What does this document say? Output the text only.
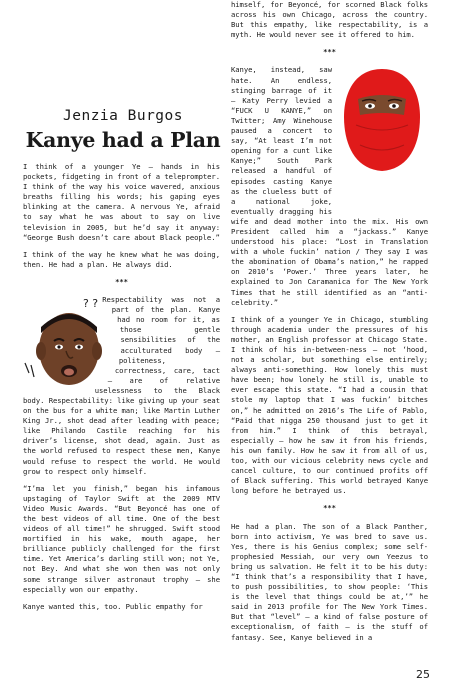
Jenzia Burgos
Kanye had a Plan

I think of a younger Ye – hands in his pockets, fidgeting in front of a teleprompter. I think of the way his voice wavered, anxious breaths filling his words; his gaping eyes blinking at the camera. A nervous Ye, afraid to say what he was about to say on live television in 2005, but he’d say it anyway: “George Bush doesn’t care about Black people.”

I think of the way he knew what he was doing, then. He had a plan. He always did.

***
? ? Respectability was not a part of the plan. Kanye had no room for it, as those gentle sensibilities of the acculturated body – politeness, correctness, care, tact – are of relative uselessness to the Black body. Respectability: like giving up your seat on the bus for a white man; like Martin Luther King Jr., shot dead after leading with peace; like Philando Castile reaching for his driver’s license, shot dead, again. Just as the world refused to respect these men, Kanye would refuse to respect the world. He would grow to respect only himself.

“I’ma let you finish,” began his infamous upstaging of Taylor Swift at the 2009 MTV Video Music Awards. “But Beyoncé has one of the best videos of all time. One of the best videos of all time!” he shrugged. Swift stood mortified in his wake, mouth agape, her brilliance publicly challenged for the first time. Yet America’s darling still won; not Ye, not Bey. And what she won then was not only some strange silver astronaut trophy – she especially won our empathy.

Kanye wanted this, too. Public empathy for

himself, for Beyoncé, for scorned Black folks across his own Chicago, across the country. But this empathy, like respectability, is a myth. He would never see it offered to him.

***

Kanye, instead, saw hate. An endless, stinging barrage of it – Katy Perry levied a “FUCK U KANYE,” on Twitter; Amy Winehouse paused a concert to say, “At least I’m not opening for a cunt like Kanye;” South Park released a handful of episodes casting Kanye as the clueless butt of a national joke, eventually dragging his wife and dead mother into the mix. His own President called him a “jackass.” Kanye understood his place: “Lost in Translation with a whole fuckin’ nation / They say I was the abomination of Obama’s nation,” he rapped on 2010’s ‘Power.’ Three years later, he explained to Jon Caramanica for The New York Times that he still identified as an “anti-celebrity.”

I think of a younger Ye in Chicago, stumbling through academia under the pressures of his mother, an English professor at Chicago State. I think of his in-between-ness – not ‘hood, not a scholar, but something else entirely; always anti-something. How lonely this must have been; how lonely he still is, unable to ever escape this state. “I had a cousin that stole my laptop that I was fuckin’ bitches on,” he admitted on 2016’s The Life of Pablo, “Paid that nigga 250 thousand just to get it from him.” I think of this betrayal, especially – how he saw it from his friends, his own family. How he saw it from all of us, too, with our vicious celebrity news cycle and cancel culture, to our continued profits off of Black suffering. This world betrayed Kanye long before he betrayed us.

***

He had a plan. The son of a Black Panther, born into activism, Ye was bred to save us. Yes, there is his Genius complex; some self-prophesied Messiah, our very own Yeezus to bring us salvation. He felt it to be his duty: “I think that’s a responsibility that I have, to push possibilities, to show people: ‘This is the level that things could be at,’” he said in 2013 profile for The New York Times. But that “level” – a kind of false posture of exceptionalism, of faith – is the stuff of fantasy. See, Kanye believed in a

25
